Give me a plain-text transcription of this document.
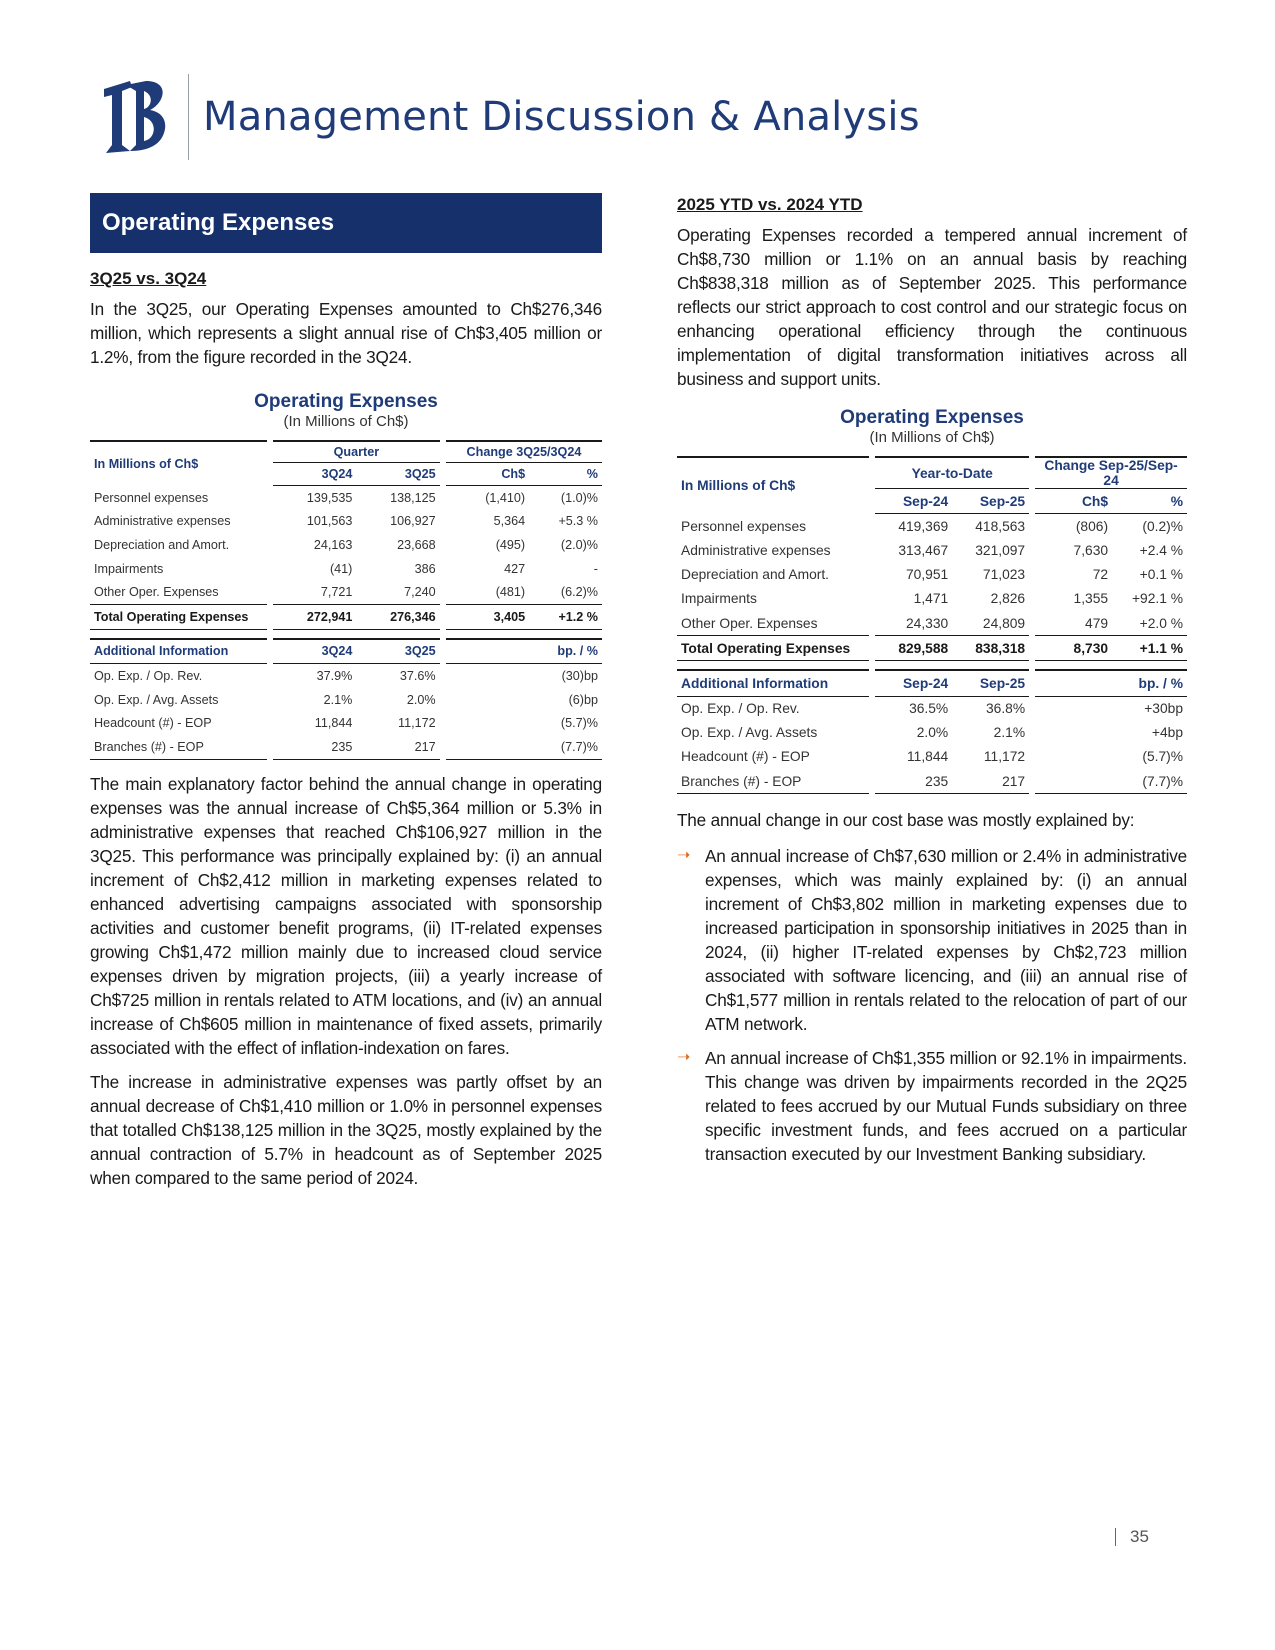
Management Discussion & Analysis
Operating Expenses
3Q25 vs. 3Q24

In the 3Q25, our Operating Expenses amounted to Ch$276,346 million, which represents a slight annual rise of Ch$3,405 million or 1.2%, from the figure recorded in the 3Q24.

Operating Expenses
(In Millions of Ch$)
In Millions of Ch$		Quarter			Change 3Q25/3Q24	
		3Q24	3Q25		Ch$	%
Personnel expenses		139,535	138,125		(1,410)	(1.0)%
Administrative expenses		101,563	106,927		5,364	+5.3 %
Depreciation and Amort.		24,163	23,668		(495)	(2.0)%
Impairments		(41)	386		427	-
Other Oper. Expenses		7,721	7,240		(481)	(6.2)%
Total Operating Expenses		272,941	276,346		3,405	+1.2 %

Additional Information		3Q24	3Q25			bp. / %
Op. Exp. / Op. Rev.		37.9%	37.6%			(30)bp
Op. Exp. / Avg. Assets		2.1%	2.0%			(6)bp
Headcount (#) - EOP		11,844	11,172			(5.7)%
Branches (#) - EOP		235	217			(7.7)%

The main explanatory factor behind the annual change in operating expenses was the annual increase of Ch$5,364 million or 5.3% in administrative expenses that reached Ch$106,927 million in the 3Q25. This performance was principally explained by: (i) an annual increment of Ch$2,412 million in marketing expenses related to enhanced advertising campaigns associated with sponsorship activities and customer benefit programs, (ii) IT-related expenses growing Ch$1,472 million mainly due to increased cloud service expenses driven by migration projects, (iii) a yearly increase of Ch$725 million in rentals related to ATM locations, and (iv) an annual increase of Ch$605 million in maintenance of fixed assets, primarily associated with the effect of inflation-indexation on fares.

The increase in administrative expenses was partly offset by an annual decrease of Ch$1,410 million or 1.0% in personnel expenses that totalled Ch$138,125 million in the 3Q25, mostly explained by the annual contraction of 5.7% in headcount as of September 2025 when compared to the same period of 2024.

2025 YTD vs. 2024 YTD

Operating Expenses recorded a tempered annual increment of Ch$8,730 million or 1.1% on an annual basis by reaching Ch$838,318 million as of September 2025. This performance reflects our strict approach to cost control and our strategic focus on enhancing operational efficiency through the continuous implementation of digital transformation initiatives across all business and support units.

Operating Expenses
(In Millions of Ch$)
In Millions of Ch$		Year-to-Date			Change Sep-25/Sep-24	
		Sep-24	Sep-25		Ch$	%
Personnel expenses		419,369	418,563		(806)	(0.2)%
Administrative expenses		313,467	321,097		7,630	+2.4 %
Depreciation and Amort.		70,951	71,023		72	+0.1 %
Impairments		1,471	2,826		1,355	+92.1 %
Other Oper. Expenses		24,330	24,809		479	+2.0 %
Total Operating Expenses		829,588	838,318		8,730	+1.1 %

Additional Information		Sep-24	Sep-25			bp. / %
Op. Exp. / Op. Rev.		36.5%	36.8%			+30bp
Op. Exp. / Avg. Assets		2.0%	2.1%			+4bp
Headcount (#) - EOP		11,844	11,172			(5.7)%
Branches (#) - EOP		235	217			(7.7)%

The annual change in our cost base was mostly explained by:

➝ An annual increase of Ch$7,630 million or 2.4% in administrative expenses, which was mainly explained by: (i) an annual increment of Ch$3,802 million in marketing expenses due to increased participation in sponsorship initiatives in 2025 than in 2024, (ii) higher IT-related expenses by Ch$2,723 million associated with software licencing, and (iii) an annual rise of Ch$1,577 million in rentals related to the relocation of part of our ATM network.

➝ An annual increase of Ch$1,355 million or 92.1% in impairments. This change was driven by impairments recorded in the 2Q25 related to fees accrued by our Mutual Funds subsidiary on three specific investment funds, and fees accrued on a particular transaction executed by our Investment Banking subsidiary.

35
